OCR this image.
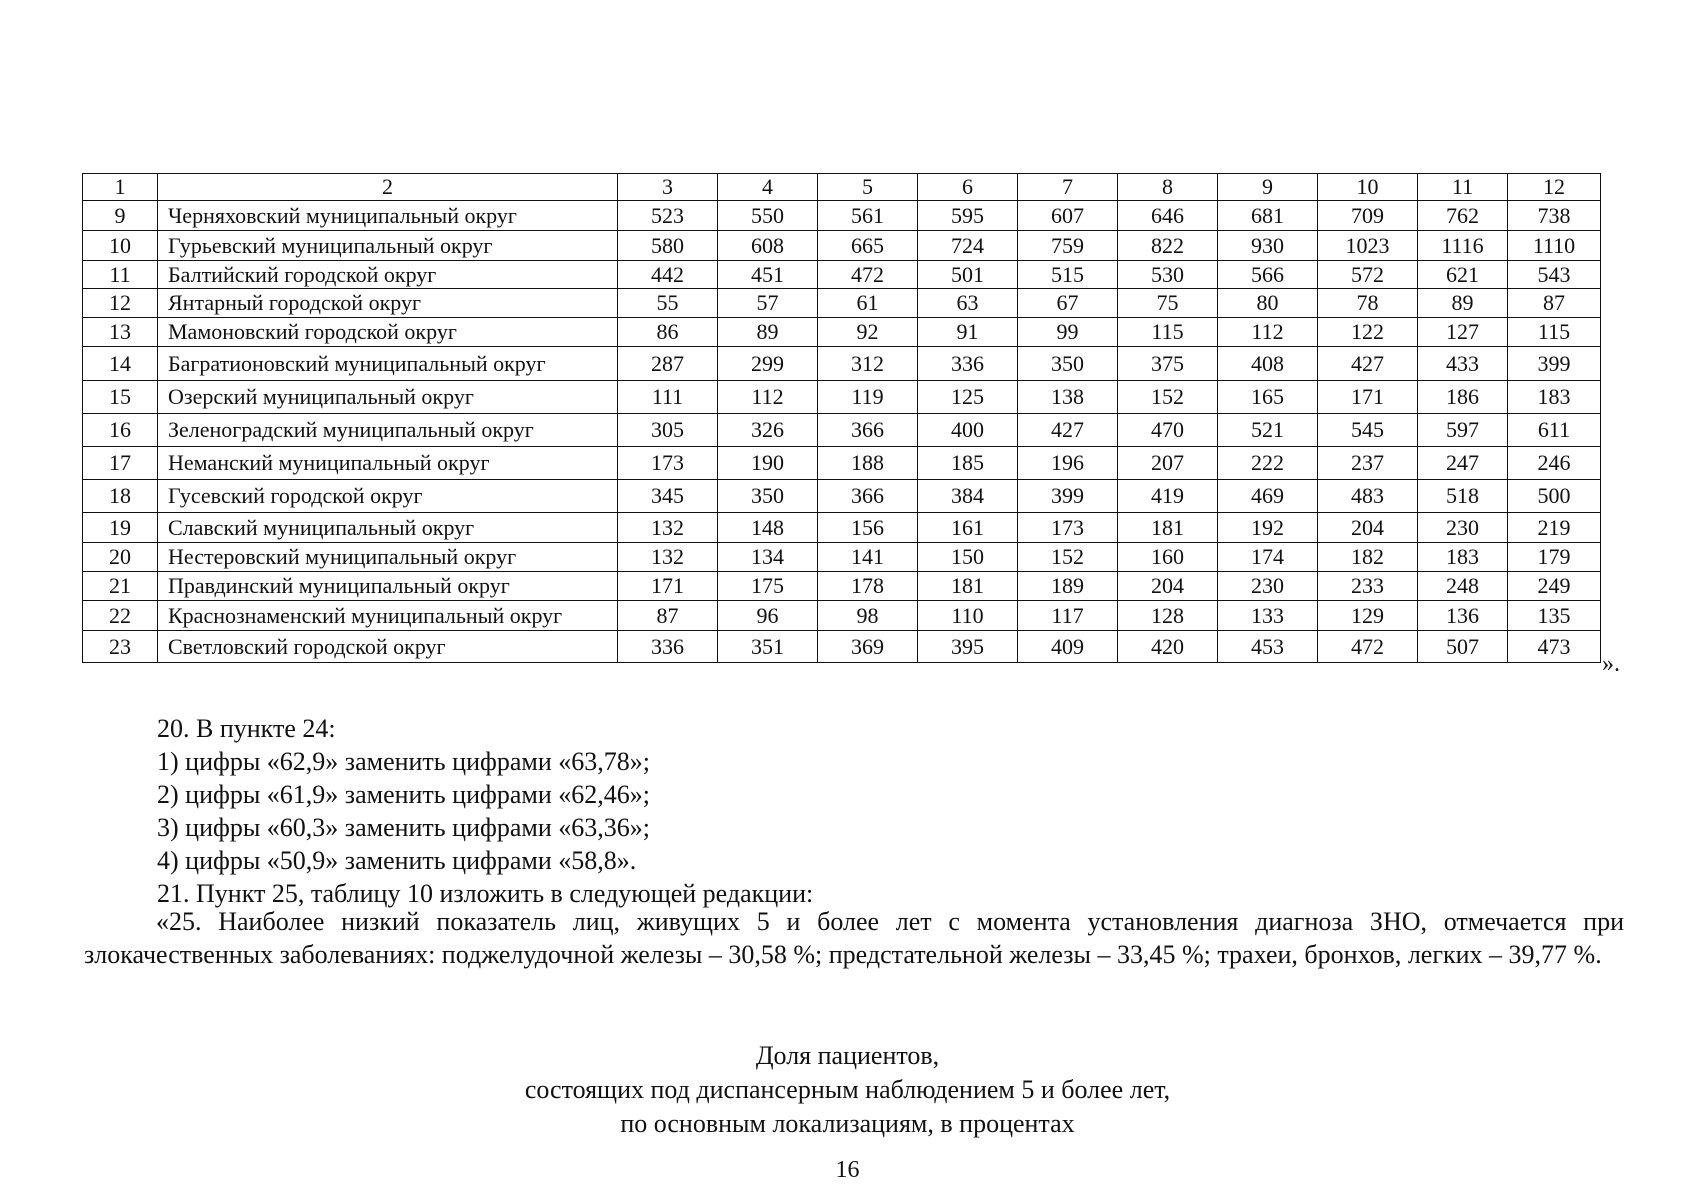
1	2	3	4	5	6	7	8	9	10	11	12
9	Черняховский муниципальный округ	523	550	561	595	607	646	681	709	762	738
10	Гурьевский муниципальный округ	580	608	665	724	759	822	930	1023	1116	1110
11	Балтийский городской округ	442	451	472	501	515	530	566	572	621	543
12	Янтарный городской округ	55	57	61	63	67	75	80	78	89	87
13	Мамоновский городской округ	86	89	92	91	99	115	112	122	127	115
14	Багратионовский муниципальный округ	287	299	312	336	350	375	408	427	433	399
15	Озерский муниципальный округ	111	112	119	125	138	152	165	171	186	183
16	Зеленоградский муниципальный округ	305	326	366	400	427	470	521	545	597	611
17	Неманский муниципальный округ	173	190	188	185	196	207	222	237	247	246
18	Гусевский городской округ	345	350	366	384	399	419	469	483	518	500
19	Славский муниципальный округ	132	148	156	161	173	181	192	204	230	219
20	Нестеровский муниципальный округ	132	134	141	150	152	160	174	182	183	179
21	Правдинский муниципальный округ	171	175	178	181	189	204	230	233	248	249
22	Краснознаменский муниципальный округ	87	96	98	110	117	128	133	129	136	135
23	Светловский городской округ	336	351	369	395	409	420	453	472	507	473
».
20. В пункте 24:
1) цифры «62,9» заменить цифрами «63,78»;
2) цифры «61,9» заменить цифрами «62,46»;
3) цифры «60,3» заменить цифрами «63,36»;
4) цифры «50,9» заменить цифрами «58,8».
21. Пункт 25, таблицу 10 изложить в следующей редакции:
«25. Наиболее низкий показатель лиц, живущих 5 и более лет с момента установления диагноза ЗНО, отмечается при злокачественных заболеваниях: поджелудочной железы – 30,58 %; предстательной железы – 33,45 %; трахеи, бронхов, легких – 39,77 %.
Доля пациентов,
состоящих под диспансерным наблюдением 5 и более лет,
по основным локализациям, в процентах
16
